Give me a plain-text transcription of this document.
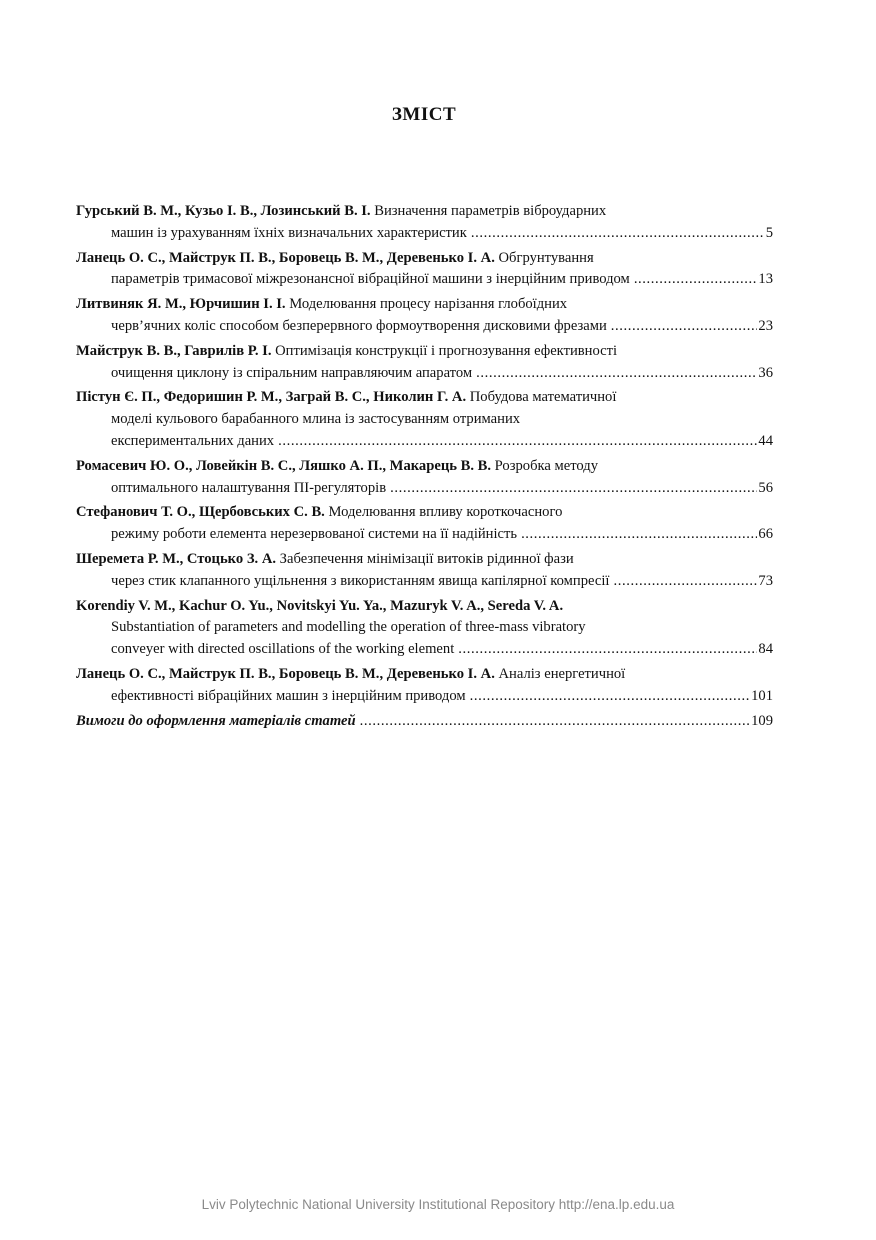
ЗМІСТ
Гурський В. М., Кузьо І. В., Лозинський В. І. Визначення параметрів віброударних
машин із урахуванням їхніх визначальних характеристик .....	5
Ланець О. С., Майструк П. В., Боровець В. М., Деревенько І. А. Обгрунтування
параметрів тримасової міжрезонансної вібраційної машини з інерційним приводом .....	13
Литвиняк Я. М., Юрчишин І. І. Моделювання процесу нарізання глобоїдних
черв’ячних коліс способом безперервного формоутворення дисковими фрезами .....	23
Майструк В. В., Гаврилів Р. І. Оптимізація конструкції і прогнозування ефективності
очищення циклону із спіральним направляючим апаратом .....	36
Пістун Є. П., Федоришин Р. М., Заграй В. С., Николин Г. А. Побудова математичної
моделі кульового барабанного млина із застосуванням отриманих
експериментальних даних .....	44
Ромасевич Ю. О., Ловейкін В. С., Ляшко А. П., Макарець В. В. Розробка методу
оптимального налаштування ПІ-регуляторів .....	56
Стефанович Т. О., Щербовських С. В. Моделювання впливу короткочасного
режиму роботи елемента нерезервованої системи на її надійність .....	66
Шеремета Р. М., Стоцько З. А. Забезпечення мінімізації витоків рідинної фази
через стик клапанного ущільнення з використанням явища капілярної компресії .....	73
Korendiy V. M., Kachur O. Yu., Novitskyi Yu. Ya., Mazuryk V. A., Sereda V. A.
Substantiation of parameters and modelling the operation of three-mass vibratory
conveyer with directed oscillations of the working element .....	84
Ланець О. С., Майструк П. В., Боровець В. М., Деревенько І. А. Аналіз енергетичної
ефективності вібраційних машин з інерційним приводом .....	101
Вимоги до оформлення матеріалів статей .....	109
Lviv Polytechnic National University Institutional Repository http://ena.lp.edu.ua
